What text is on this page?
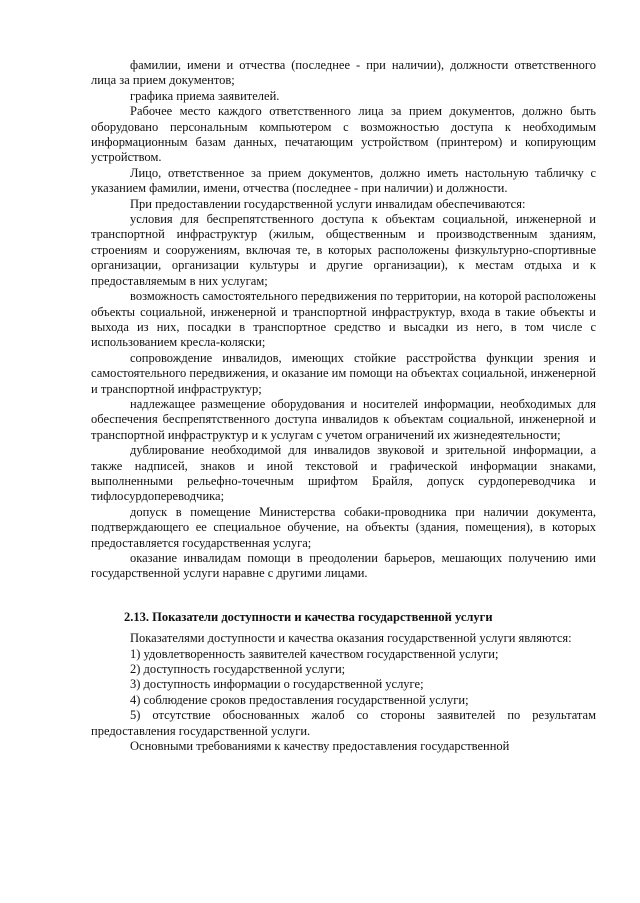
фамилии, имени и отчества (последнее - при наличии), должности ответственного лица за прием документов;

графика приема заявителей.

Рабочее место каждого ответственного лица за прием документов, должно быть оборудовано персональным компьютером с возможностью доступа к необходимым информационным базам данных, печатающим устройством (принтером) и копирующим устройством.

Лицо, ответственное за прием документов, должно иметь настольную табличку с указанием фамилии, имени, отчества (последнее - при наличии) и должности.

При предоставлении государственной услуги инвалидам обеспечиваются:

условия для беспрепятственного доступа к объектам социальной, инженерной и транспортной инфраструктур (жилым, общественным и производственным зданиям, строениям и сооружениям, включая те, в которых расположены физкультурно-спортивные организации, организации культуры и другие организации), к местам отдыха и к предоставляемым в них услугам;

возможность самостоятельного передвижения по территории, на которой расположены объекты социальной, инженерной и транспортной инфраструктур, входа в такие объекты и выхода из них, посадки в транспортное средство и высадки из него, в том числе с использованием кресла-коляски;

сопровождение инвалидов, имеющих стойкие расстройства функции зрения и самостоятельного передвижения, и оказание им помощи на объектах социальной, инженерной и транспортной инфраструктур;

надлежащее размещение оборудования и носителей информации, необходимых для обеспечения беспрепятственного доступа инвалидов к объектам социальной, инженерной и транспортной инфраструктур и к услугам с учетом ограничений их жизнедеятельности;

дублирование необходимой для инвалидов звуковой и зрительной информации, а также надписей, знаков и иной текстовой и графической информации знаками, выполненными рельефно-точечным шрифтом Брайля, допуск сурдопереводчика и тифлосурдопереводчика;

допуск в помещение Министерства собаки-проводника при наличии документа, подтверждающего ее специальное обучение, на объекты (здания, помещения), в которых предоставляется государственная услуга;

оказание инвалидам помощи в преодолении барьеров, мешающих получению ими государственной услуги наравне с другими лицами.

2.13. Показатели доступности и качества государственной услуги

Показателями доступности и качества оказания государственной услуги являются:

1) удовлетворенность заявителей качеством государственной услуги;

2) доступность государственной услуги;

3) доступность информации о государственной услуге;

4) соблюдение сроков предоставления государственной услуги;

5) отсутствие обоснованных жалоб со стороны заявителей по результатам предоставления государственной услуги.

Основными требованиями к качеству предоставления государственной
